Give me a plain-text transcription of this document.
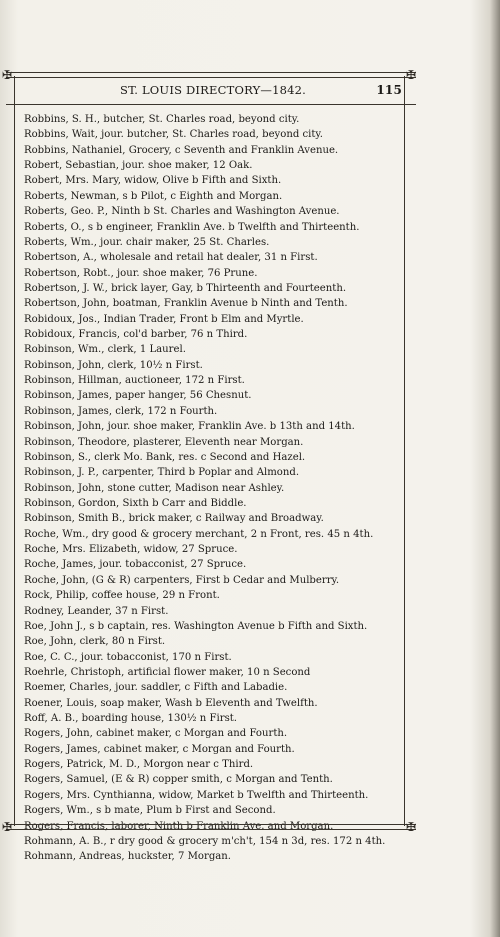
✠	✠
ST. LOUIS DIRECTORY—1842.	115
Robbins, S. H., butcher, St. Charles road, beyond city.
Robbins, Wait, jour. butcher, St. Charles road, beyond city.
Robbins, Nathaniel, Grocery, c Seventh and Franklin Avenue.
Robert, Sebastian, jour. shoe maker, 12 Oak.
Robert, Mrs. Mary, widow, Olive b Fifth and Sixth.
Roberts, Newman, s b Pilot, c Eighth and Morgan.
Roberts, Geo. P., Ninth b St. Charles and Washington Avenue.
Roberts, O., s b engineer, Franklin Ave. b Twelfth and Thirteenth.
Roberts, Wm., jour. chair maker, 25 St. Charles.
Robertson, A., wholesale and retail hat dealer, 31 n First.
Robertson, Robt., jour. shoe maker, 76 Prune.
Robertson, J. W., brick layer, Gay, b Thirteenth and Fourteenth.
Robertson, John, boatman, Franklin Avenue b Ninth and Tenth.
Robidoux, Jos., Indian Trader, Front b Elm and Myrtle.
Robidoux, Francis, col'd barber, 76 n Third.
Robinson, Wm., clerk, 1 Laurel.
Robinson, John, clerk, 10½ n First.
Robinson, Hillman, auctioneer, 172 n First.
Robinson, James, paper hanger, 56 Chesnut.
Robinson, James, clerk, 172 n Fourth.
Robinson, John, jour. shoe maker, Franklin Ave. b 13th and 14th.
Robinson, Theodore, plasterer, Eleventh near Morgan.
Robinson, S., clerk Mo. Bank, res. c Second and Hazel.
Robinson, J. P., carpenter, Third b Poplar and Almond.
Robinson, John, stone cutter, Madison near Ashley.
Robinson, Gordon, Sixth b Carr and Biddle.
Robinson, Smith B., brick maker, c Railway and Broadway.
Roche, Wm., dry good & grocery merchant, 2 n Front, res. 45 n 4th.
Roche, Mrs. Elizabeth, widow, 27 Spruce.
Roche, James, jour. tobacconist, 27 Spruce.
Roche, John, (G & R) carpenters, First b Cedar and Mulberry.
Rock, Philip, coffee house, 29 n Front.
Rodney, Leander, 37 n First.
Roe, John J., s b captain, res. Washington Avenue b Fifth and Sixth.
Roe, John, clerk, 80 n First.
Roe, C. C., jour. tobacconist, 170 n First.
Roehrle, Christoph, artificial flower maker, 10 n Second
Roemer, Charles, jour. saddler, c Fifth and Labadie.
Roener, Louis, soap maker, Wash b Eleventh and Twelfth.
Roff, A. B., boarding house, 130½ n First.
Rogers, John, cabinet maker, c Morgan and Fourth.
Rogers, James, cabinet maker, c Morgan and Fourth.
Rogers, Patrick, M. D., Morgon near c Third.
Rogers, Samuel, (E & R) copper smith, c Morgan and Tenth.
Rogers, Mrs. Cynthianna, widow, Market b Twelfth and Thirteenth.
Rogers, Wm., s b mate, Plum b First and Second.
Rogers, Francis, laborer, Ninth b Franklin Ave. and Morgan.
Rohmann, A. B., r dry good & grocery m'ch't, 154 n 3d, res. 172 n 4th.
Rohmann, Andreas, huckster, 7 Morgan.
✠	✠
